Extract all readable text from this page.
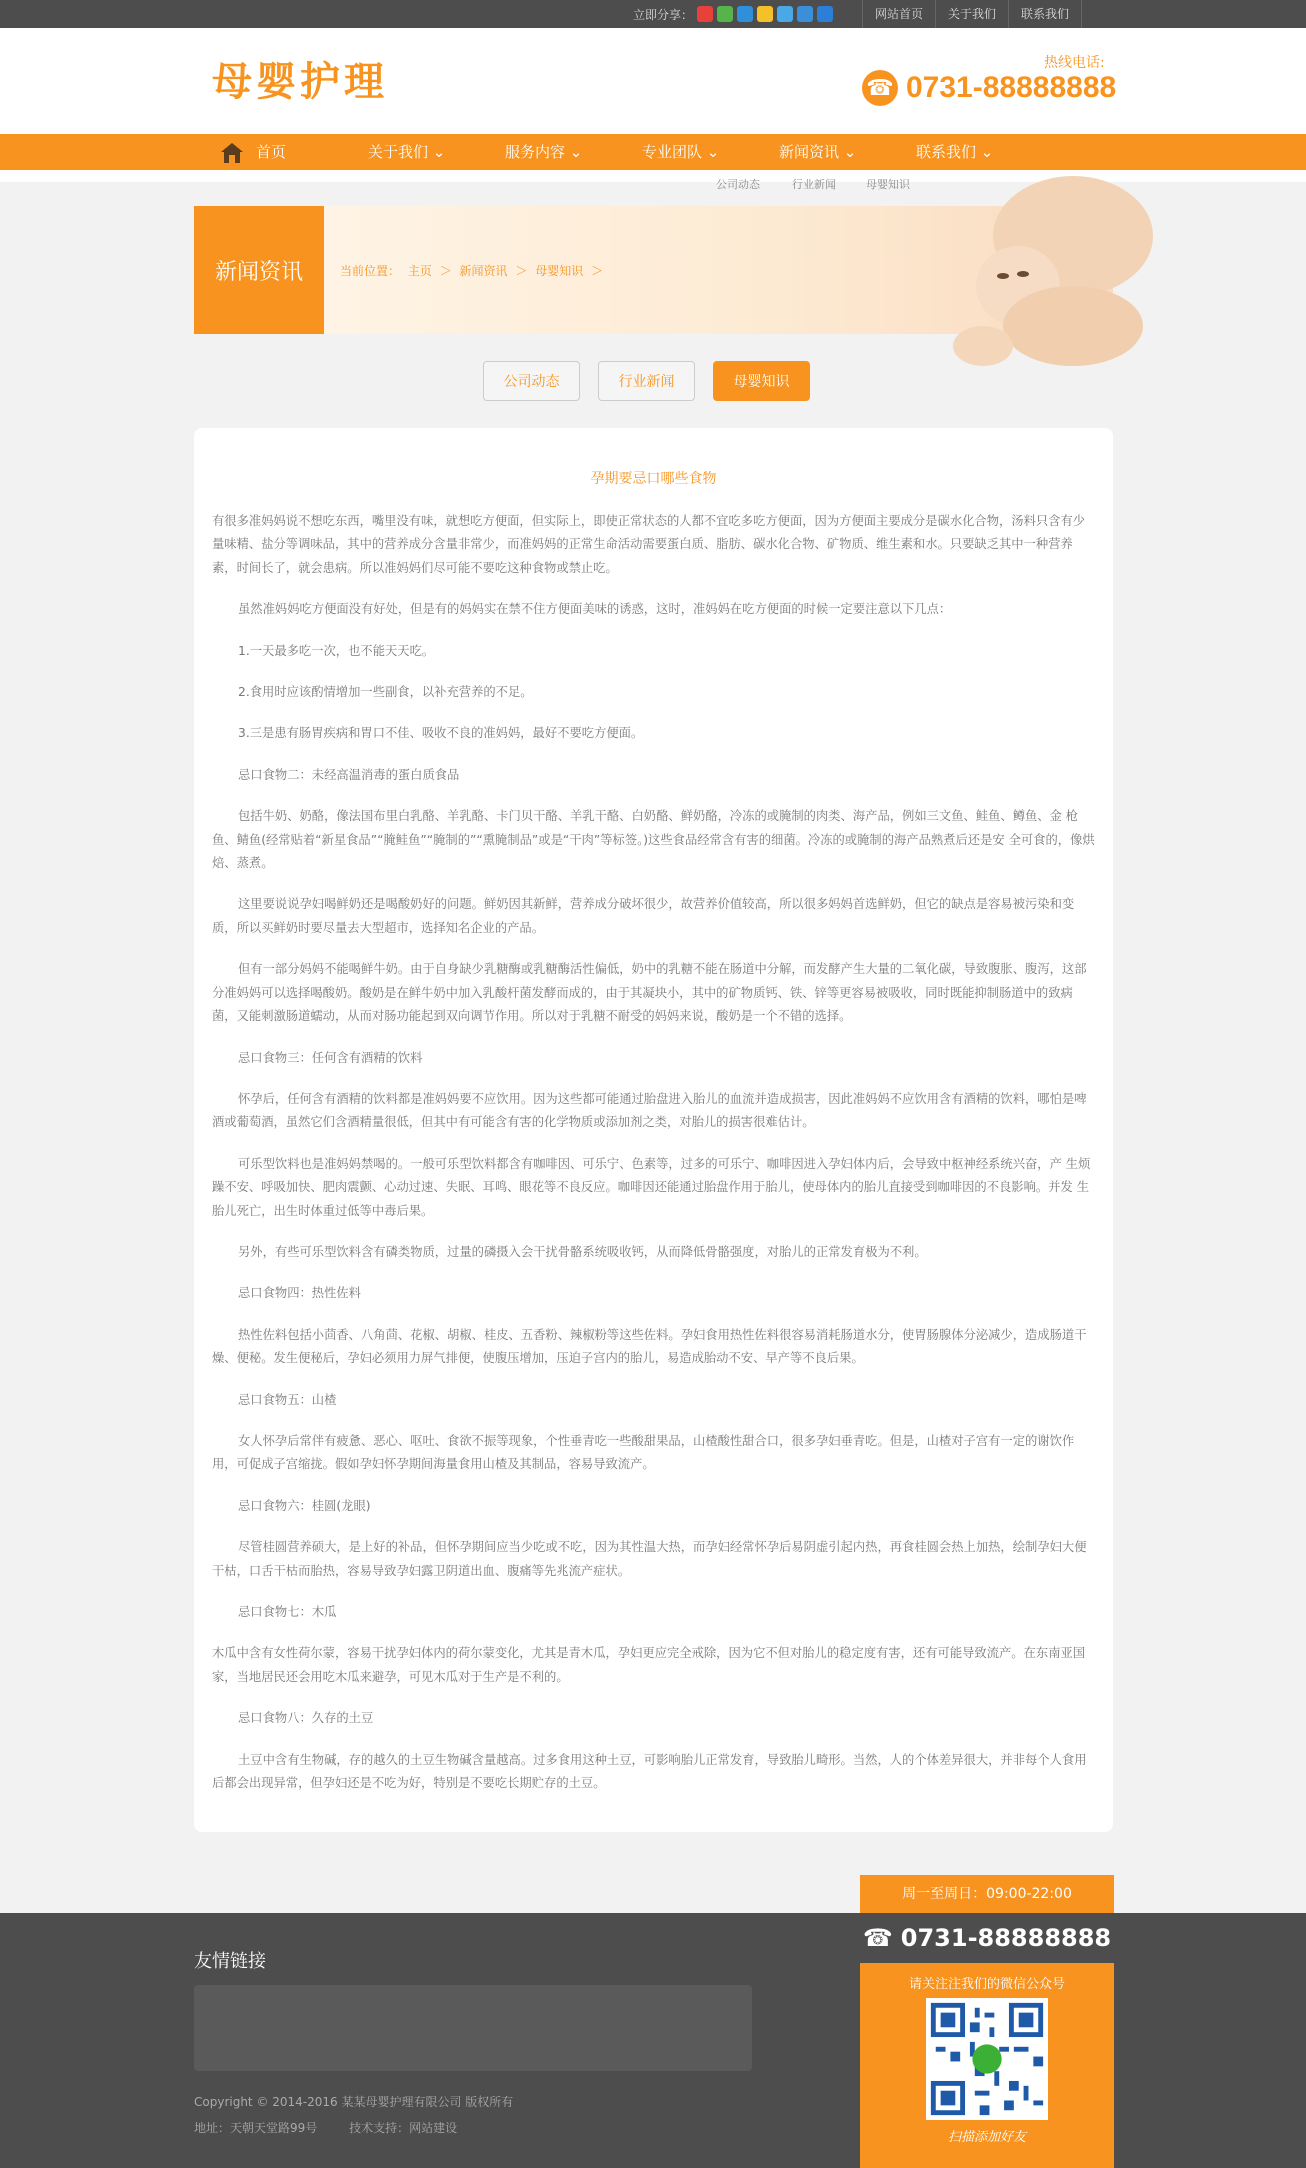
立即分享：	网站首页	关于我们	联系我们
母婴护理	热线电话:
☎ 0731-88888888
首页	关于我们 ⌄	服务内容 ⌄	专业团队 ⌄	新闻资讯 ⌄	联系我们 ⌄
公司动态	行业新闻	母婴知识
新闻资讯	当前位置： 主页 ＞ 新闻资讯 ＞ 母婴知识 ＞
公司动态	行业新闻	母婴知识
孕期要忌口哪些食物

有很多准妈妈说不想吃东西，嘴里没有味，就想吃方便面，但实际上，即使正常状态的人都不宜吃多吃方便面，因为方便面主要成分是碳水化合物，汤料只含有少量味精、盐分等调味品，其中的营养成分含量非常少，而准妈妈的正常生命活动需要蛋白质、脂肪、碳水化合物、矿物质、维生素和水。只要缺乏其中一种营养素，时间长了，就会患病。所以准妈妈们尽可能不要吃这种食物或禁止吃。

虽然准妈妈吃方便面没有好处，但是有的妈妈实在禁不住方便面美味的诱惑，这时，准妈妈在吃方便面的时候一定要注意以下几点：

1.一天最多吃一次，也不能天天吃。

2.食用时应该酌情增加一些副食，以补充营养的不足。

3.三是患有肠胃疾病和胃口不佳、吸收不良的准妈妈，最好不要吃方便面。

忌口食物二：未经高温消毒的蛋白质食品

包括牛奶、奶酪，像法国布里白乳酪、羊乳酪、卡门贝干酪、羊乳干酪、白奶酪、鲜奶酪，冷冻的或腌制的肉类、海产品，例如三文鱼、鲑鱼、鳟鱼、金 枪鱼、鲭鱼(经常贴着“新星食品”“腌鲑鱼”“腌制的”“熏腌制品”或是“干肉”等标签。)这些食品经常含有害的细菌。冷冻的或腌制的海产品熟煮后还是安 全可食的，像烘焙、蒸煮。

这里要说说孕妇喝鲜奶还是喝酸奶好的问题。鲜奶因其新鲜，营养成分破坏很少，故营养价值较高，所以很多妈妈首选鲜奶，但它的缺点是容易被污染和变质，所以买鲜奶时要尽量去大型超市，选择知名企业的产品。

但有一部分妈妈不能喝鲜牛奶。由于自身缺少乳糖酶或乳糖酶活性偏低，奶中的乳糖不能在肠道中分解，而发酵产生大量的二氧化碳，导致腹胀、腹泻，这部分准妈妈可以选择喝酸奶。酸奶是在鲜牛奶中加入乳酸杆菌发酵而成的，由于其凝块小，其中的矿物质钙、铁、锌等更容易被吸收，同时既能抑制肠道中的致病 菌，又能刺激肠道蠕动，从而对肠功能起到双向调节作用。所以对于乳糖不耐受的妈妈来说，酸奶是一个不错的选择。

忌口食物三：任何含有酒精的饮料

怀孕后，任何含有酒精的饮料都是准妈妈要不应饮用。因为这些都可能通过胎盘进入胎儿的血流并造成损害，因此准妈妈不应饮用含有酒精的饮料，哪怕是啤酒或葡萄酒，虽然它们含酒精量很低，但其中有可能含有害的化学物质或添加剂之类，对胎儿的损害很难估计。

可乐型饮料也是准妈妈禁喝的。一般可乐型饮料都含有咖啡因、可乐宁、色素等，过多的可乐宁、咖啡因进入孕妇体内后，会导致中枢神经系统兴奋，产 生烦躁不安、呼吸加快、肥肉震颤、心动过速、失眠、耳鸣、眼花等不良反应。咖啡因还能通过胎盘作用于胎儿，使母体内的胎儿直接受到咖啡因的不良影响。并发 生胎儿死亡，出生时体重过低等中毒后果。

另外，有些可乐型饮料含有磷类物质，过量的磷摄入会干扰骨骼系统吸收钙，从而降低骨骼强度，对胎儿的正常发育极为不利。

忌口食物四：热性佐料

热性佐料包括小茴香、八角茴、花椒、胡椒、桂皮、五香粉、辣椒粉等这些佐料。孕妇食用热性佐料很容易消耗肠道水分，使胃肠腺体分泌减少，造成肠道干燥、便秘。发生便秘后，孕妇必须用力屏气排便，使腹压增加，压迫子宫内的胎儿，易造成胎动不安、早产等不良后果。

忌口食物五：山楂

女人怀孕后常伴有疲惫、恶心、呕吐、食欲不振等现象，个性垂青吃一些酸甜果品，山楂酸性甜合口，很多孕妇垂青吃。但是，山楂对子宫有一定的谢饮作用，可促成子宫缩拢。假如孕妇怀孕期间海量食用山楂及其制品，容易导致流产。

忌口食物六：桂圆(龙眼)

尽管桂圆营养硕大，是上好的补品，但怀孕期间应当少吃或不吃，因为其性温大热，而孕妇经常怀孕后易阴虚引起内热，再食桂圆会热上加热，绘制孕妇大便干枯，口舌干枯而胎热，容易导致孕妇露卫阴道出血、腹痛等先兆流产症状。

忌口食物七：木瓜

木瓜中含有女性荷尔蒙，容易干扰孕妇体内的荷尔蒙变化，尤其是青木瓜，孕妇更应完全戒除，因为它不但对胎儿的稳定度有害，还有可能导致流产。在东南亚国家，当地居民还会用吃木瓜来避孕，可见木瓜对于生产是不利的。

忌口食物八：久存的土豆

土豆中含有生物碱，存的越久的土豆生物碱含量越高。过多食用这种土豆，可影响胎儿正常发育，导致胎儿畸形。当然，人的个体差异很大，并非每个人食用后都会出现异常，但孕妇还是不吃为好，特别是不要吃长期贮存的土豆。

友情链接
Copyright © 2014-2016 某某母婴护理有限公司 版权所有
地址：天朝天堂路99号	技术支持：网站建设
周一至周日：09:00-22:00
☎ 0731-88888888
请关注注我们的微信公众号
扫描添加好友
